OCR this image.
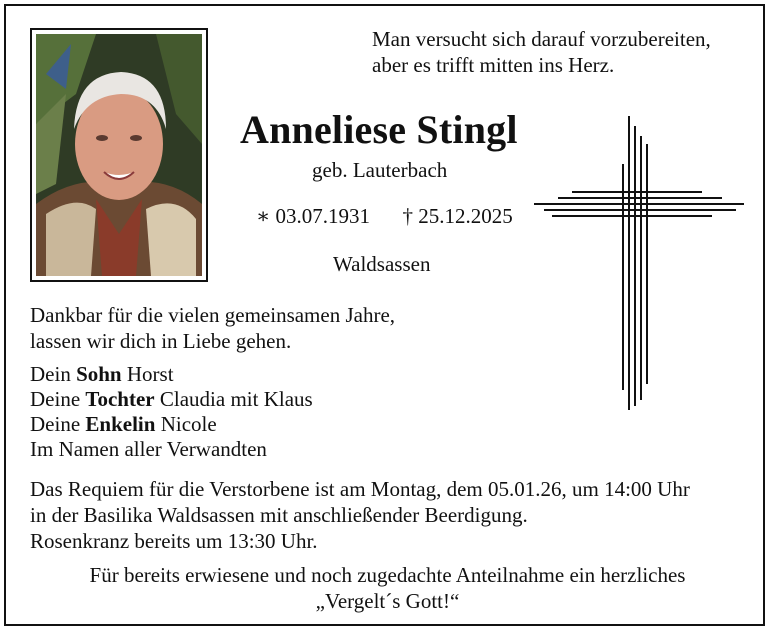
Man versucht sich darauf vorzubereiten,
aber es trifft mitten ins Herz.
Anneliese Stingl
geb. Lauterbach
∗ 03.07.1931 † 25.12.2025
Waldsassen
Dankbar für die vielen gemeinsamen Jahre,
lassen wir dich in Liebe gehen.
Dein Sohn Horst
Deine Tochter Claudia mit Klaus
Deine Enkelin Nicole
Im Namen aller Verwandten
Das Requiem für die Verstorbene ist am Montag, dem 05.01.26, um 14:00 Uhr
in der Basilika Waldsassen mit anschließender Beerdigung.
Rosenkranz bereits um 13:30 Uhr.
Für bereits erwiesene und noch zugedachte Anteilnahme ein herzliches
„Vergelt´s Gott!“
